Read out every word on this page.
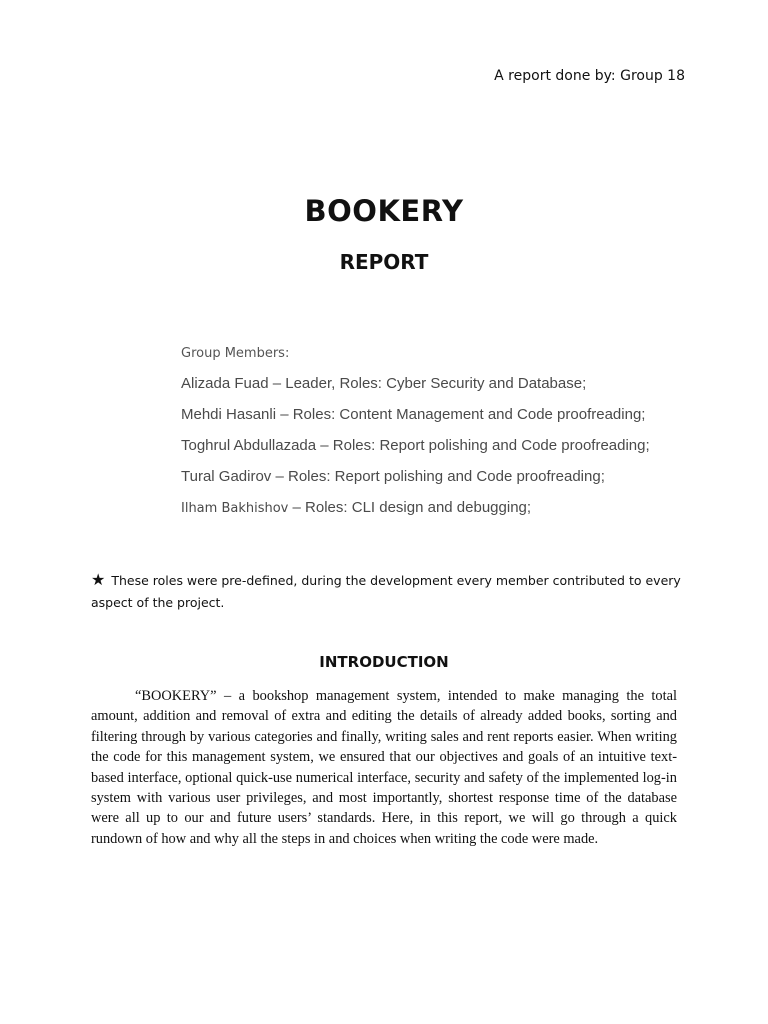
A report done by: Group 18
BOOKERY
REPORT
Group Members:
Alizada Fuad – Leader, Roles: Cyber Security and Database;
Mehdi Hasanli – Roles: Content Management and Code proofreading;
Toghrul Abdullazada – Roles: Report polishing and Code proofreading;
Tural Gadirov – Roles: Report polishing and Code proofreading;
Ilham Bakhishov – Roles: CLI design and debugging;
★ These roles were pre-defined, during the development every member contributed to every aspect of the project.
INTRODUCTION

“BOOKERY” – a bookshop management system, intended to make managing the total amount, addition and removal of extra and editing the details of already added books, sorting and filtering through by various categories and finally, writing sales and rent reports easier. When writing the code for this management system, we ensured that our objectives and goals of an intuitive text-based interface, optional quick-use numerical interface, security and safety of the implemented log-in system with various user privileges, and most importantly, shortest response time of the database were all up to our and future users’ standards. Here, in this report, we will go through a quick rundown of how and why all the steps in and choices when writing the code were made.
